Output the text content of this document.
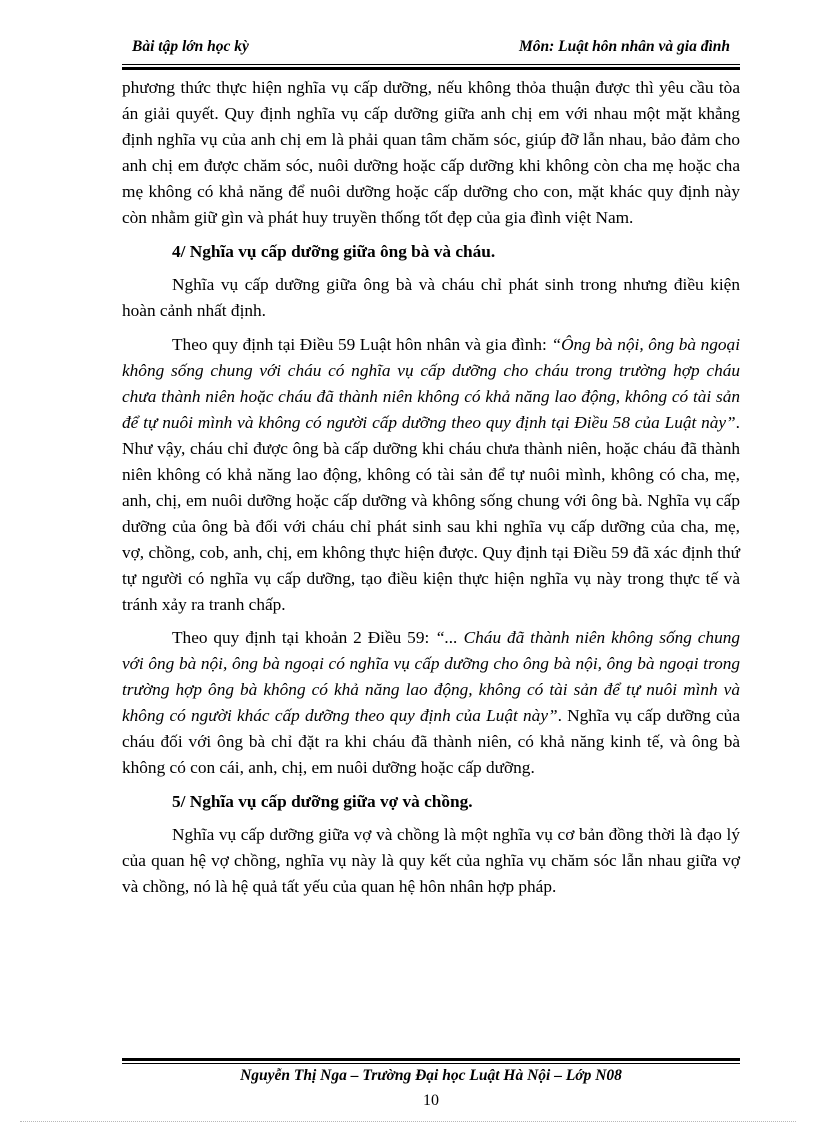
Bài tập lớn học kỳ	Môn: Luật hôn nhân và gia đình

phương thức thực hiện nghĩa vụ cấp dưỡng, nếu không thỏa thuận được thì yêu cầu tòa án giải quyết. Quy định nghĩa vụ cấp dưỡng giữa anh chị em với nhau một mặt khẳng định nghĩa vụ của anh chị em là phải quan tâm chăm sóc, giúp đỡ lẫn nhau, bảo đảm cho anh chị em được chăm sóc, nuôi dưỡng hoặc cấp dưỡng khi không còn cha mẹ hoặc cha mẹ không có khả năng để nuôi dưỡng hoặc cấp dưỡng cho con, mặt khác quy định này còn nhằm giữ gìn và phát huy truyền thống tốt đẹp của gia đình việt Nam.

4/ Nghĩa vụ cấp dưỡng giữa ông bà và cháu.

Nghĩa vụ cấp dưỡng giữa ông bà và cháu chỉ phát sinh trong nhưng điều kiện hoàn cảnh nhất định.

Theo quy định tại Điều 59 Luật hôn nhân và gia đình: “Ông bà nội, ông bà ngoại không sống chung với cháu có nghĩa vụ cấp dưỡng cho cháu trong trường hợp cháu chưa thành niên hoặc cháu đã thành niên không có khả năng lao động, không có tài sản để tự nuôi mình và không có người cấp dưỡng theo quy định tại Điều 58 của Luật này”. Như vậy, cháu chỉ được ông bà cấp dưỡng khi cháu chưa thành niên, hoặc cháu đã thành niên không có khả năng lao động, không có tài sản để tự nuôi mình, không có cha, mẹ, anh, chị, em nuôi dưỡng hoặc cấp dưỡng và không sống chung với ông bà. Nghĩa vụ cấp dưỡng của ông bà đối với cháu chỉ phát sinh sau khi nghĩa vụ cấp dưỡng của cha, mẹ, vợ, chồng, cob, anh, chị, em không thực hiện được. Quy định tại Điều 59 đã xác định thứ tự người có nghĩa vụ cấp dưỡng, tạo điều kiện thực hiện nghĩa vụ này trong thực tế và tránh xảy ra tranh chấp.

Theo quy định tại khoản 2 Điều 59: “... Cháu đã thành niên không sống chung với ông bà nội, ông bà ngoại có nghĩa vụ cấp dưỡng cho ông bà nội, ông bà ngoại trong trường hợp ông bà không có khả năng lao động, không có tài sản để tự nuôi mình và không có người khác cấp dưỡng theo quy định của Luật này”. Nghĩa vụ cấp dưỡng của cháu đối với ông bà chỉ đặt ra khi cháu đã thành niên, có khả năng kinh tế, và ông bà không có con cái, anh, chị, em nuôi dưỡng hoặc cấp dưỡng.

5/ Nghĩa vụ cấp dưỡng giữa vợ và chồng.

Nghĩa vụ cấp dưỡng giữa vợ và chồng là một nghĩa vụ cơ bản đồng thời là đạo lý của quan hệ vợ chồng, nghĩa vụ này là quy kết của nghĩa vụ chăm sóc lẫn nhau giữa vợ và chồng, nó là hệ quả tất yếu của quan hệ hôn nhân hợp pháp.

Nguyễn Thị Nga – Trường Đại học Luật Hà Nội – Lớp N08
10
